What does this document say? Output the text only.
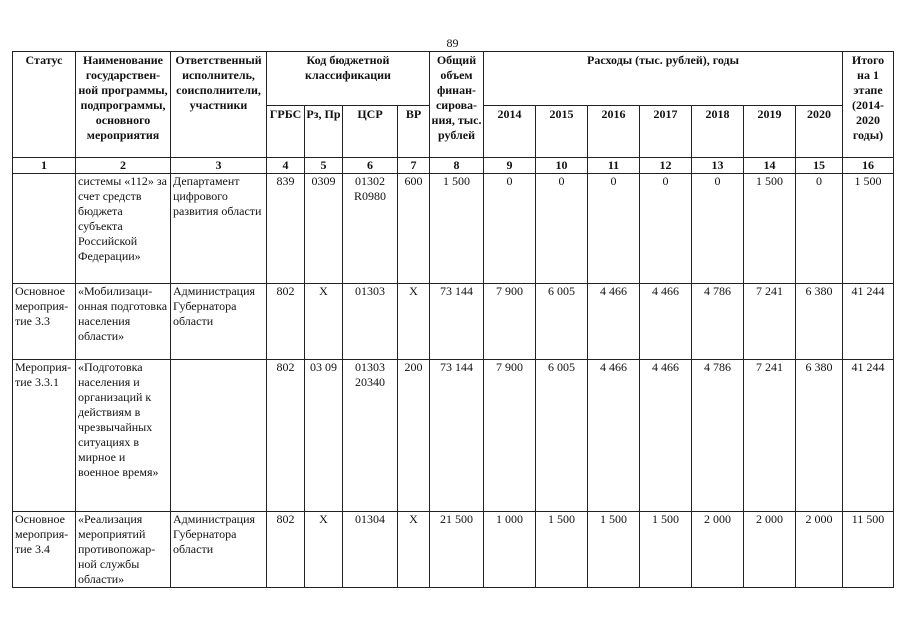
89
Статус	Наименование государствен-ной программы, подпрограммы, основного мероприятия	Ответственный исполнитель, соисполнители, участники	Код бюджетной классификации				Общий объем финан-сирова-ния, тыс. рублей	Расходы (тыс. рублей), годы							Итого на 1 этапе (2014-2020 годы)
			ГРБС	Рз, Пр	ЦСР	ВР		2014	2015	2016	2017	2018	2019	2020	
1	2	3	4	5	6	7	8	9	10	11	12	13	14	15	16
	системы «112» за счет средств бюджета субъекта Российской Федерации»	Департамент цифрового развития области	839	0309	01302 R0980	600	1 500	0	0	0	0	0	1 500	0	1 500
Основное мероприя-тие 3.3	«Мобилизаци-онная подготовка населения области»	Администрация Губернатора области	802	Х	01303	Х	73 144	7 900	6 005	4 466	4 466	4 786	7 241	6 380	41 244
Мероприя-тие 3.3.1	«Подготовка населения и организаций к действиям в чрезвычайных ситуациях в мирное и военное время»		802	03 09	01303 20340	200	73 144	7 900	6 005	4 466	4 466	4 786	7 241	6 380	41 244
Основное мероприя-тие 3.4	«Реализация мероприятий противопожар-ной службы области»	Администрация Губернатора области	802	Х	01304	Х	21 500	1 000	1 500	1 500	1 500	2 000	2 000	2 000	11 500
